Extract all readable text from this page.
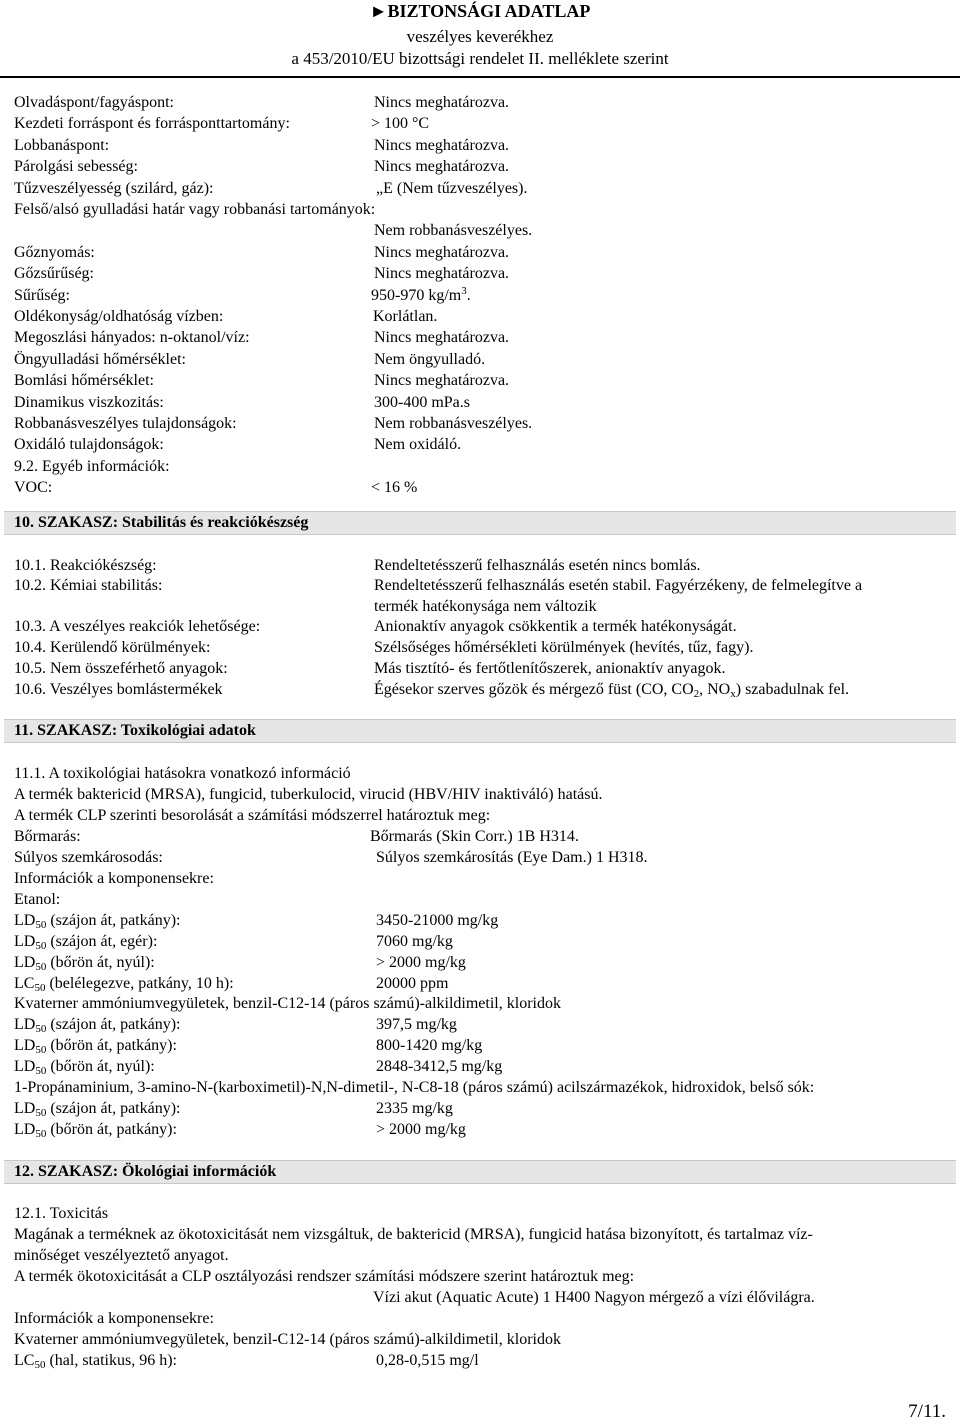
►BIZTONSÁGI ADATLAP
veszélyes keverékhez
a 453/2010/EU bizottsági rendelet II. melléklete szerint
Olvadáspont/fagyáspont:	Nincs meghatározva.
Kezdeti forráspont és forrásponttartomány:	> 100 °C
Lobbanáspont:	Nincs meghatározva.
Párolgási sebesség:	Nincs meghatározva.
Tűzveszélyesség (szilárd, gáz):	„E (Nem tűzveszélyes).
Felső/alsó gyulladási határ vagy robbanási tartományok:
Nem robbanásveszélyes.
Gőznyomás:	Nincs meghatározva.
Gőzsűrűség:	Nincs meghatározva.
Sűrűség:	950-970 $kg/m^3$.
Oldékonyság/oldhatóság vízben:	Korlátlan.
Megoszlási hányados: n-oktanol/víz:	Nincs meghatározva.
Öngyulladási hőmérséklet:	Nem öngyulladó.
Bomlási hőmérséklet:	Nincs meghatározva.
Dinamikus viszkozitás:	300-400 mPa.s
Robbanásveszélyes tulajdonságok:	Nem robbanásveszélyes.
Oxidáló tulajdonságok:	Nem oxidáló.
9.2. Egyéb információk:
VOC:	< 16 %
10. SZAKASZ: Stabilitás és reakciókészség
10.1. Reakciókészség:	Rendeltetésszerű felhasználás esetén nincs bomlás.
10.2. Kémiai stabilitás:	Rendeltetésszerű felhasználás esetén stabil. Fagyérzékeny, de felmelegítve a
termék hatékonysága nem változik
10.3. A veszélyes reakciók lehetősége:	Anionaktív anyagok csökkentik a termék hatékonyságát.
10.4. Kerülendő körülmények:	Szélsőséges hőmérsékleti körülmények (hevítés, tűz, fagy).
10.5. Nem összeférhető anyagok:	Más tisztító- és fertőtlenítőszerek, anionaktív anyagok.
10.6. Veszélyes bomlástermékek	Égésekor szerves gőzök és mérgező füst (CO, $CO_2$, $NO_x$) szabadulnak fel.
11. SZAKASZ: Toxikológiai adatok
11.1. A toxikológiai hatásokra vonatkozó információ
A termék baktericid (MRSA), fungicid, tuberkulocid, virucid (HBV/HIV inaktiváló) hatású.
A termék CLP szerinti besorolását a számítási módszerrel határoztuk meg:
Bőrmarás:	Bőrmarás (Skin Corr.) 1B H314.
Súlyos szemkárosodás:	Súlyos szemkárosítás (Eye Dam.) 1 H318.
Információk a komponensekre:
Etanol:
$LD_{50}$ (szájon át, patkány):	3450-21000 mg/kg
$LD_{50}$ (szájon át, egér):	7060 mg/kg
$LD_{50}$ (bőrön át, nyúl):	> 2000 mg/kg
$LC_{50}$ (belélegezve, patkány, 10 h):	20000 ppm
Kvaterner ammóniumvegyületek, benzil-C12-14 (páros számú)-alkildimetil, kloridok
$LD_{50}$ (szájon át, patkány):	397,5 mg/kg
$LD_{50}$ (bőrön át, patkány):	800-1420 mg/kg
$LD_{50}$ (bőrön át, nyúl):	2848-3412,5 mg/kg
1-Propánaminium, 3-amino-N-(karboximetil)-N,N-dimetil-, N-C8-18 (páros számú) acilszármazékok, hidroxidok, belső sók:
$LD_{50}$ (szájon át, patkány):	2335 mg/kg
$LD_{50}$ (bőrön át, patkány):	> 2000 mg/kg
12. SZAKASZ: Ökológiai információk
12.1. Toxicitás
Magának a terméknek az ökotoxicitását nem vizsgáltuk, de baktericid (MRSA), fungicid hatása bizonyított, és tartalmaz víz-
minőséget veszélyeztető anyagot.
A termék ökotoxicitását a CLP osztályozási rendszer számítási módszere szerint határoztuk meg:
Vízi akut (Aquatic Acute) 1 H400 Nagyon mérgező a vízi élővilágra.
Információk a komponensekre:
Kvaterner ammóniumvegyületek, benzil-C12-14 (páros számú)-alkildimetil, kloridok
$LC_{50}$ (hal, statikus, 96 h):	0,28-0,515 mg/l
7/11.
